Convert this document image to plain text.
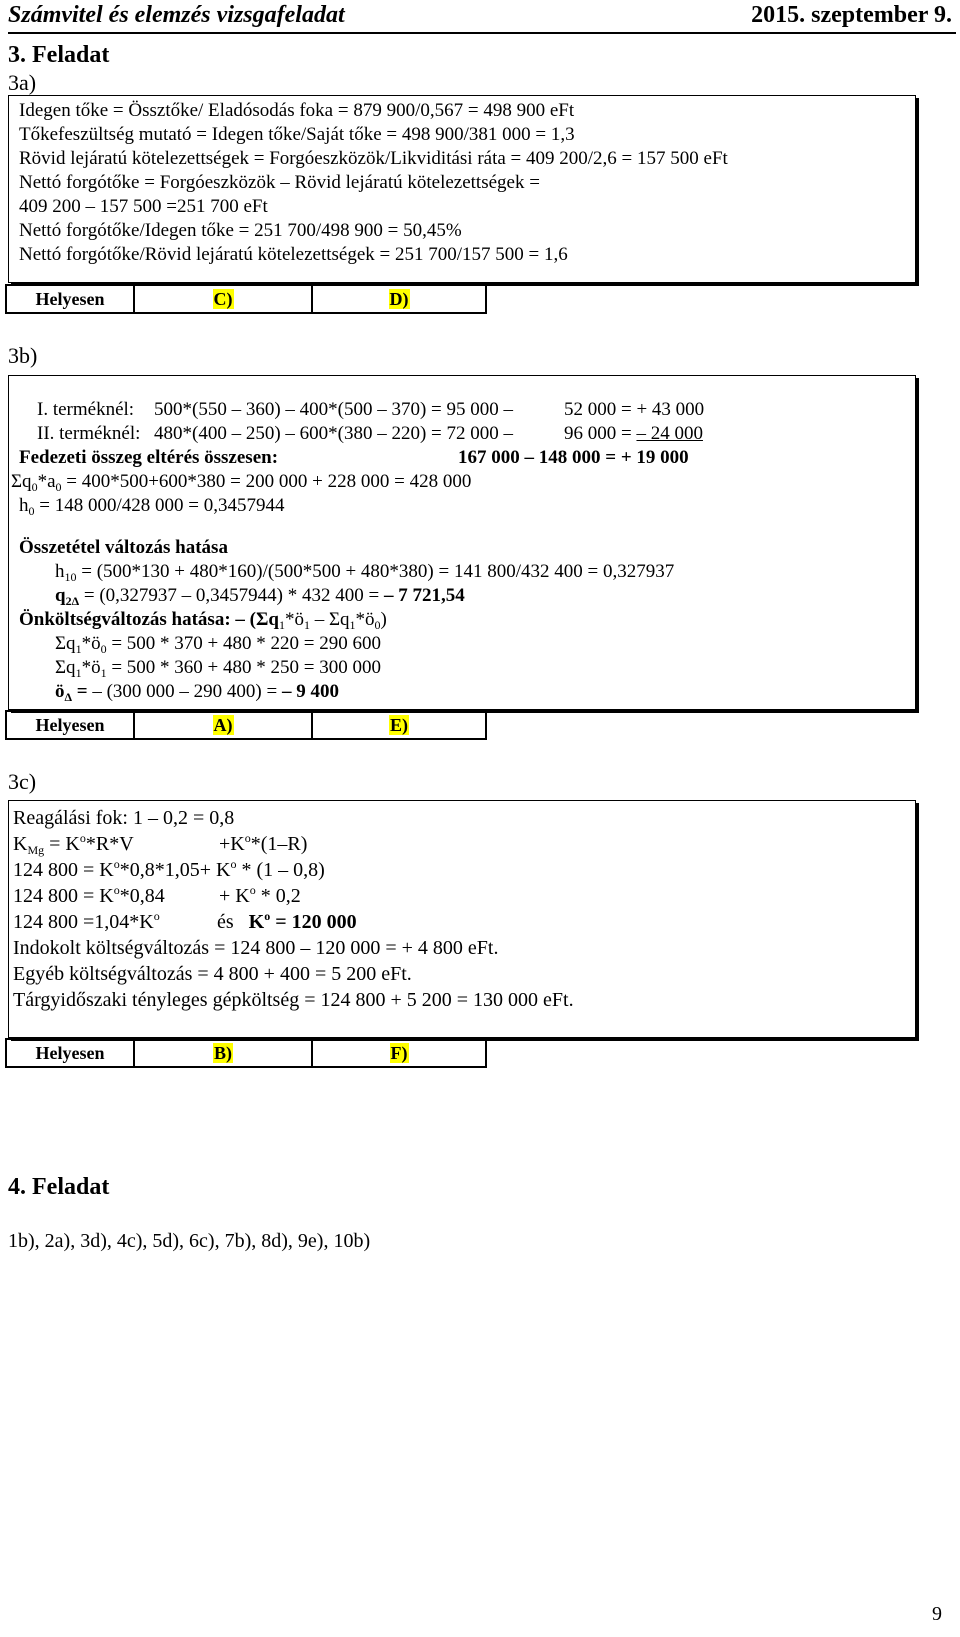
Számvitel és elemzés vizsgafeladat	2015. szeptember 9.
3. Feladat
3a)
Idegen tőke = Össztőke/ Eladósodás foka = 879 900/0,567 = 498 900 eFt
Tőkefeszültség mutató = Idegen tőke/Saját tőke = 498 900/381 000 = 1,3
Rövid lejáratú kötelezettségek = Forgóeszközök/Likviditási ráta = 409 200/2,6 = 157 500 eFt
Nettó forgótőke = Forgóeszközök – Rövid lejáratú kötelezettségek =
409 200 – 157 500 =251 700 eFt
Nettó forgótőke/Idegen tőke = 251 700/498 900 = 50,45%
Nettó forgótőke/Rövid lejáratú kötelezettségek = 251 700/157 500 = 1,6
Helyesen	C)	D)
3b)
I. terméknél: 500*(550 – 360) – 400*(500 – 370) = 95 000 –	52 000 = + 43 000
II. terméknél: 480*(400 – 250) – 600*(380 – 220) = 72 000 –	96 000 = – 24 000
Fedezeti összeg eltérés összesen:	167 000 – 148 000 = + 19 000
$\Sigma q_0*a_0 = 400*500+600*380 = 200$ 000 + 228 000 = 428 000
$h_0 = 148$ 000/428 000 = 0,3457944
Összetétel változás hatása
$h_{10} = (500*130 + 480*160)/(500*500 + 480*380) = 141$ 800/432 400 = 0,327937
$q_{2\Delta} = (0,327937 - 0,3457944) * 432$ 400 = – 7 721,54
Önköltségváltozás hatása: – ($\Sigma q_1*ö_1$ – $\Sigma q_1*ö_0$)
$\Sigma q_1*ö_0 = 500 * 370 + 480 * 220 = 290$ 600
$\Sigma q_1*ö_1 = 500 * 360 + 480 * 250 = 300$ 000
$ö_\Delta$ = – (300 000 – 290 400) = – 9 400
Helyesen	A)	E)
3c)
Reagálási fok: 1 – 0,2 = 0,8
$K_{Mg} = K^o*R*V$	$+K^o*(1-R)$
124 $800 = K^o*0,8*1,05+ K^o * (1 - 0,8)$
124 $800 = K^o*0,84$	+ $K^o * 0,2$
124 $800 =1,04*K^o$	és $K^o = 120$ 000
Indokolt költségváltozás = 124 800 – 120 000 = + 4 800 eFt.
Egyéb költségváltozás = 4 800 + 400 = 5 200 eFt.
Tárgyidőszaki tényleges gépköltség = 124 800 + 5 200 = 130 000 eFt.
Helyesen	B)	F)
4. Feladat
1b), 2a), 3d), 4c), 5d), 6c), 7b), 8d), 9e), 10b)
9
